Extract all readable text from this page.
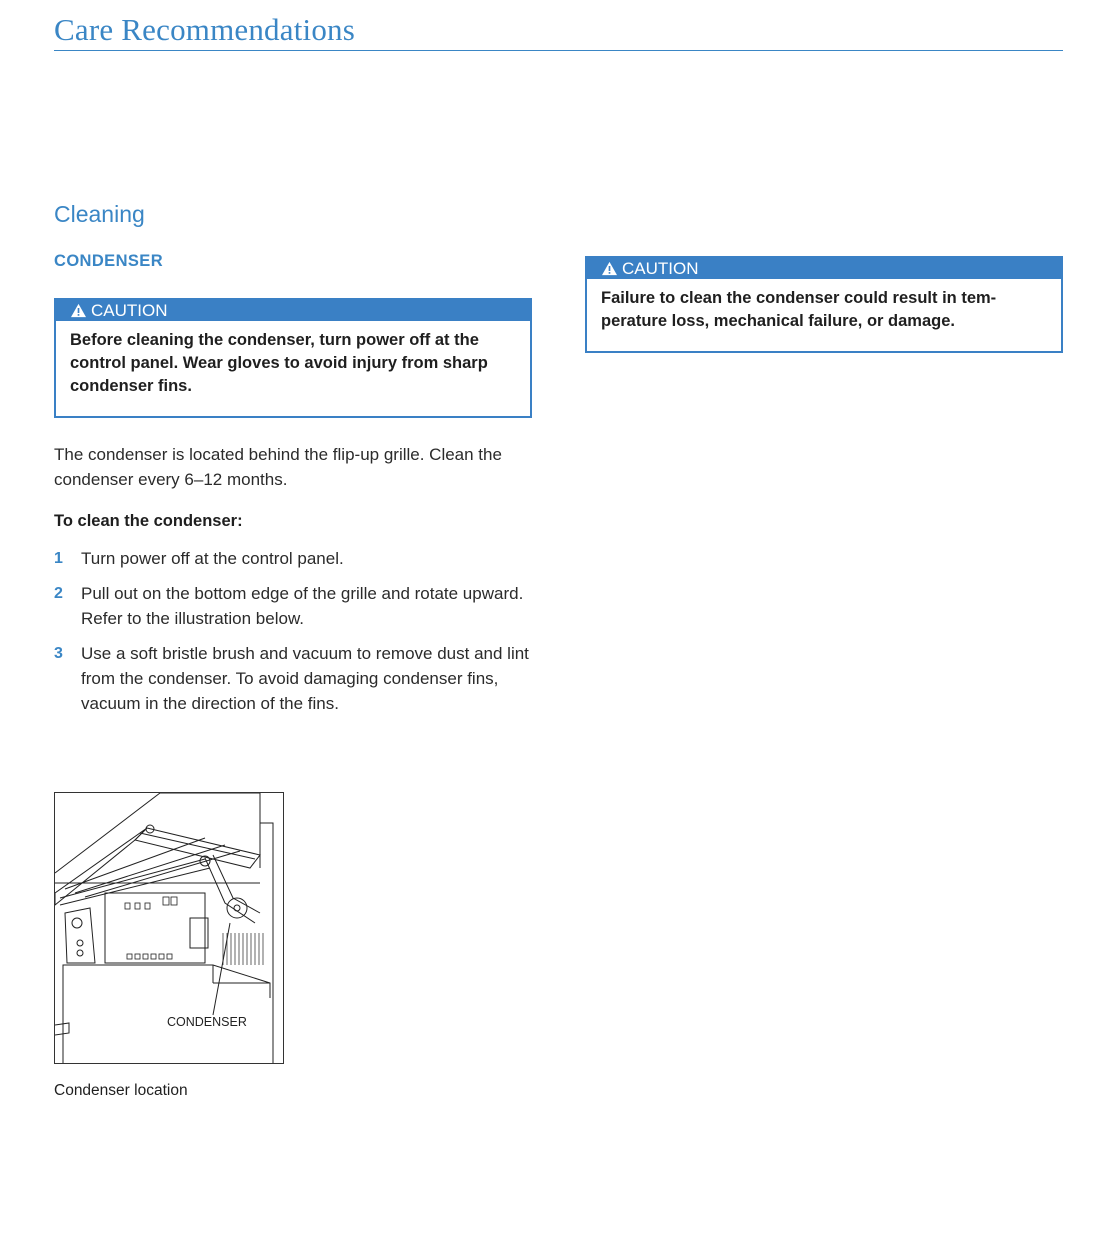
Care Recommendations
Cleaning
CONDENSER
CAUTION
Before cleaning the condenser, turn power off at the control panel. Wear gloves to avoid injury from sharp condenser fins.
CAUTION
Failure to clean the condenser could result in tem-perature loss, mechanical failure, or damage.

The condenser is located behind the flip-up grille. Clean the condenser every 6–12 months.

To clean the condenser:

1 Turn power off at the control panel.
2 Pull out on the bottom edge of the grille and rotate upward. Refer to the illustration below.
3 Use a soft bristle brush and vacuum to remove dust and lint from the condenser. To avoid damaging condenser fins, vacuum in the direction of the fins.
CONDENSER

Condenser location
